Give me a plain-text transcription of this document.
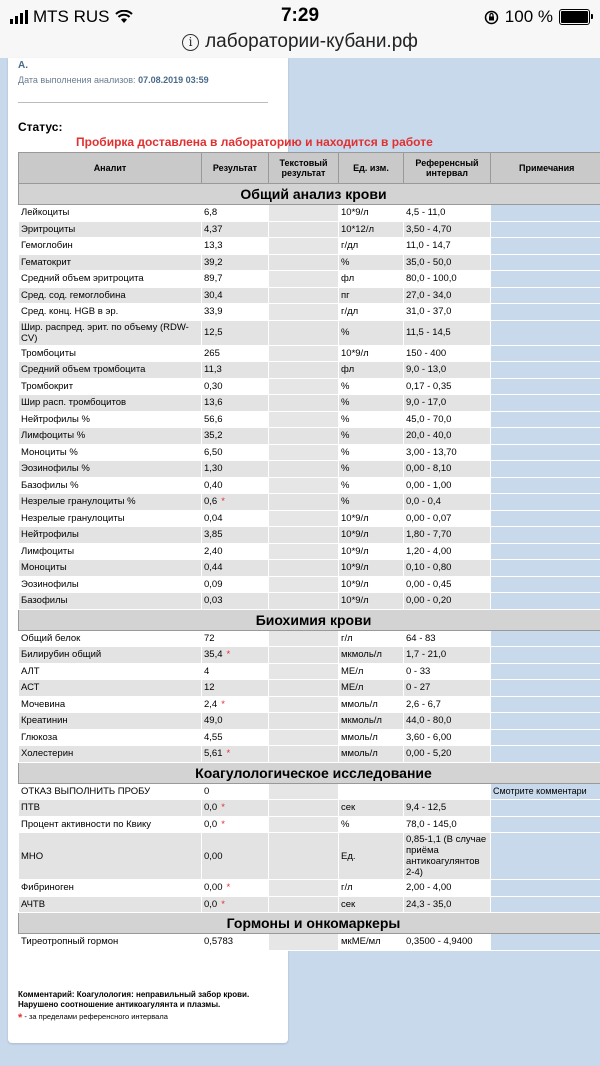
MTS RUS	7:29	100 %
i лаборатории-кубани.рф
А.
Дата выполнения анализов: 07.08.2019 03:59
Статус:
Пробирка доставлена в лабораторию и находится в работе
Аналит	Результат	Текстовый результат	Ед. изм.	Референсный интервал	Примечания
Общий анализ крови					
Лейкоциты	6,8		10*9/л	4,5 - 11,0	
Эритроциты	4,37		10*12/л	3,50 - 4,70	
Гемоглобин	13,3		г/дл	11,0 - 14,7	
Гематокрит	39,2		%	35,0 - 50,0	
Средний объем эритроцита	89,7		фл	80,0 - 100,0	
Сред. сод. гемоглобина	30,4		пг	27,0 - 34,0	
Сред. конц. HGB в эр.	33,9		г/дл	31,0 - 37,0	
Шир. распред. эрит. по объему (RDW-CV)	12,5		%	11,5 - 14,5	
Тромбоциты	265		10*9/л	150 - 400	
Средний объем тромбоцита	11,3		фл	9,0 - 13,0	
Тромбокрит	0,30		%	0,17 - 0,35	
Шир расп. тромбоцитов	13,6		%	9,0 - 17,0	
Нейтрофилы %	56,6		%	45,0 - 70,0	
Лимфоциты %	35,2		%	20,0 - 40,0	
Моноциты %	6,50		%	3,00 - 13,70	
Эозинофилы %	1,30		%	0,00 - 8,10	
Базофилы %	0,40		%	0,00 - 1,00	
Незрелые гранулоциты %	0,6 *		%	0,0 - 0,4	
Незрелые гранулоциты	0,04		10*9/л	0,00 - 0,07	
Нейтрофилы	3,85		10*9/л	1,80 - 7,70	
Лимфоциты	2,40		10*9/л	1,20 - 4,00	
Моноциты	0,44		10*9/л	0,10 - 0,80	
Эозинофилы	0,09		10*9/л	0,00 - 0,45	
Базофилы	0,03		10*9/л	0,00 - 0,20	
Биохимия крови					
Общий белок	72		г/л	64 - 83	
Билирубин общий	35,4 *		мкмоль/л	1,7 - 21,0	
АЛТ	4		МЕ/л	0 - 33	
АСТ	12		МЕ/л	0 - 27	
Мочевина	2,4 *		ммоль/л	2,6 - 6,7	
Креатинин	49,0		мкмоль/л	44,0 - 80,0	
Глюкоза	4,55		ммоль/л	3,60 - 6,00	
Холестерин	5,61 *		ммоль/л	0,00 - 5,20	
Коагулологическое исследование					
ОТКАЗ ВЫПОЛНИТЬ ПРОБУ	0				Смотрите комментари
ПТВ	0,0 *		сек	9,4 - 12,5	
Процент активности по Квику	0,0 *		%	78,0 - 145,0	
МНО	0,00		Ед.	0,85-1,1 (В случае приёма антикоагулянтов 2-4)	
Фибриноген	0,00 *		г/л	2,00 - 4,00	
АЧТВ	0,0 *		сек	24,3 - 35,0	
Гормоны и онкомаркеры					
Тиреотропный гормон	0,5783		мкМЕ/мл	0,3500 - 4,9400	
Комментарий: Коагулология: неправильный забор крови. Нарушено соотношение антикоагулянта и плазмы.
* - за пределами референсного интервала
